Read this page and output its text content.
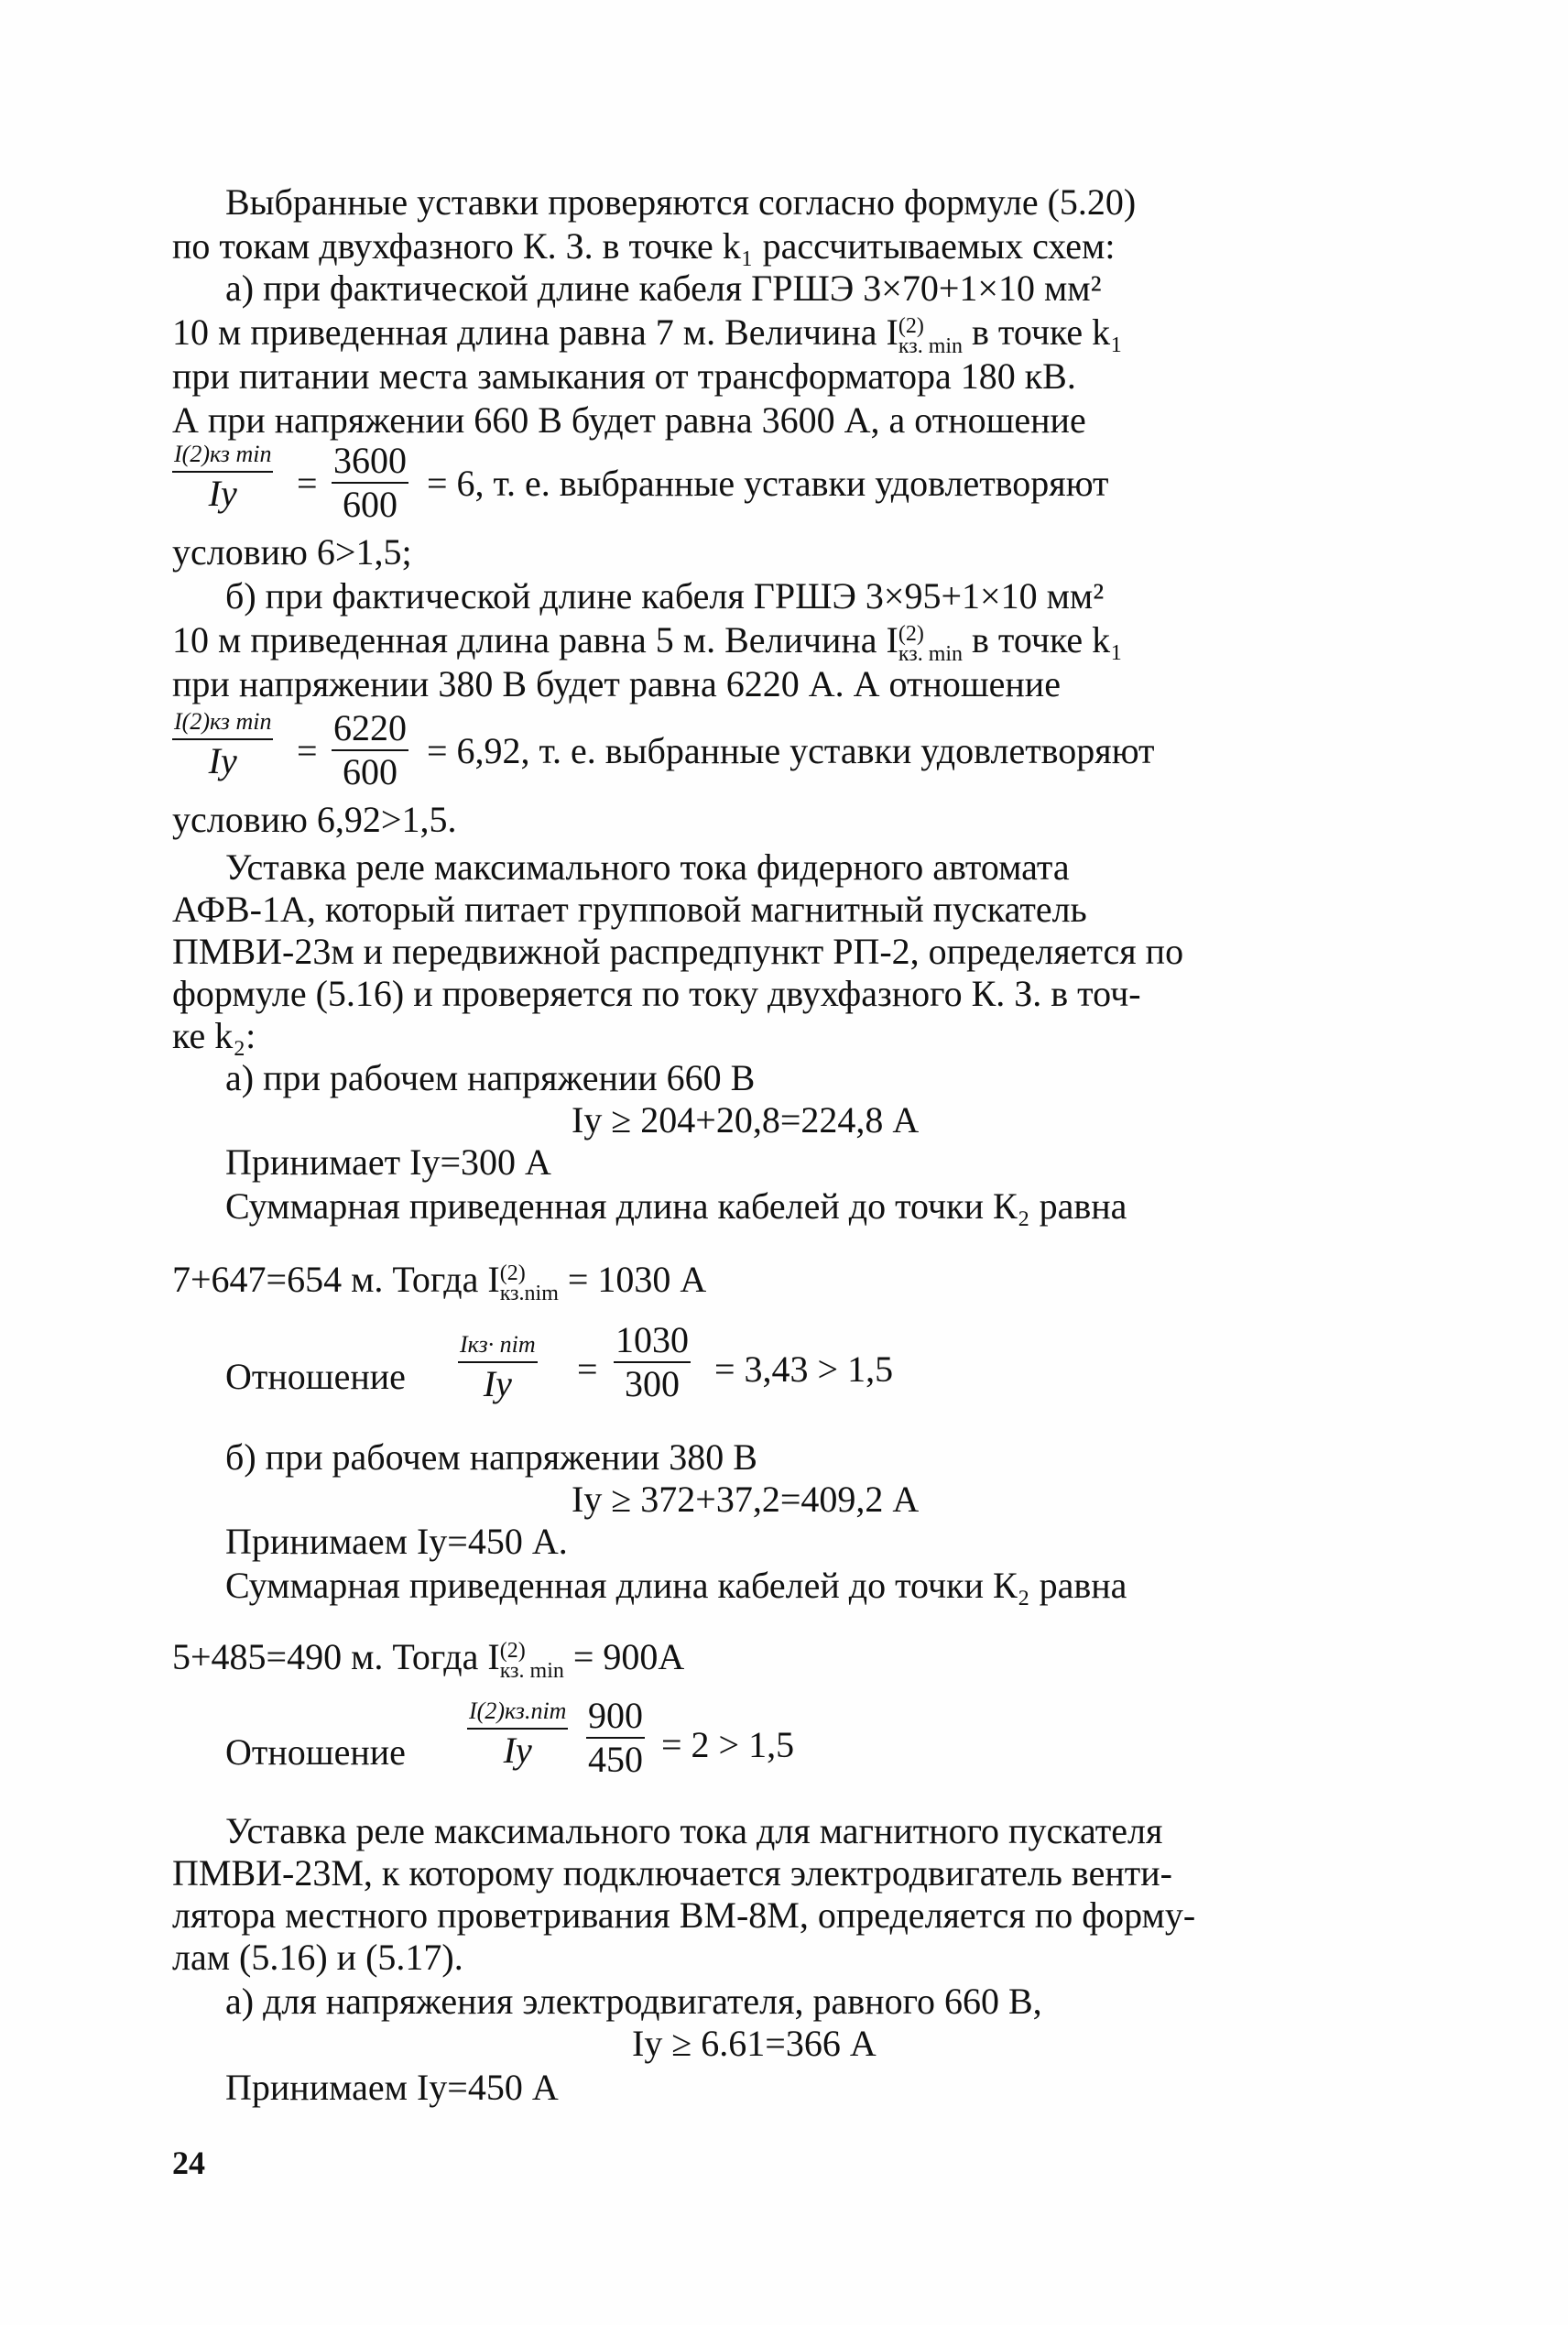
Выбранные уставки проверяются согласно формуле (5.20)
по токам двухфазного К. З. в точке k₁ рассчитываемых схем:
а) при фактической длине кабеля ГРШЭ 3×70+1×10 мм²
10 м приведенная длина равна 7 м. Величина I (2)
кз. min в точке k₁
при питании места замыкания от трансформатора 180 кВ.
А при напряжении 660 В будет равна 3600 А, а отношение
I(2)кз min
Iу	= $\frac{3600}{600} = 6$, т. е. выбранные уставки удовлетворяют
условию 6>1,5;
б) при фактической длине кабеля ГРШЭ 3×95+1×10 мм²
10 м приведенная длина равна 5 м. Величина I (2)
кз. min в точке k₁
при напряжении 380 В будет равна 6220 А. А отношение
I(2)кз min
Iу	= $\frac{6220}{600} = 6,92$, т. е. выбранные уставки удовлетворяют
условию 6,92>1,5.
Уставка реле максимального тока фидерного автомата
АФВ-1А, который питает групповой магнитный пускатель
ПМВИ-23м и передвижной распредпункт РП-2, определяется по
формуле (5.16) и проверяется по току двухфазного К. З. в точ-
ке k₂:
а) при рабочем напряжении 660 В
Iу ≥ 204+20,8=224,8 А
Принимает Iу=300 А
Суммарная приведенная длина кабелей до точки К₂ равна
7+647=654 м. Тогда I (2)
кз.nim = 1030 А
Отношение
Iкз· nim
Iу	= $\frac{1030}{300} = 3,43 > 1,5$
б) при рабочем напряжении 380 В
Iу ≥ 372+37,2=409,2 А
Принимаем Iу=450 А.
Суммарная приведенная длина кабелей до точки К₂ равна
5+485=490 м. Тогда I (2)
кз. min = 900А
Отношение
I(2)кз.nim
Iу	$\frac{900}{450} = 2 > 1,5$
Уставка реле максимального тока для магнитного пускателя
ПМВИ-23М, к которому подключается электродвигатель венти-
лятора местного проветривания ВМ-8М, определяется по форму-
лам (5.16) и (5.17).
а) для напряжения электродвигателя, равного 660 В,
Iу ≥ 6.61=366 А
Принимаем Iу=450 А
24
